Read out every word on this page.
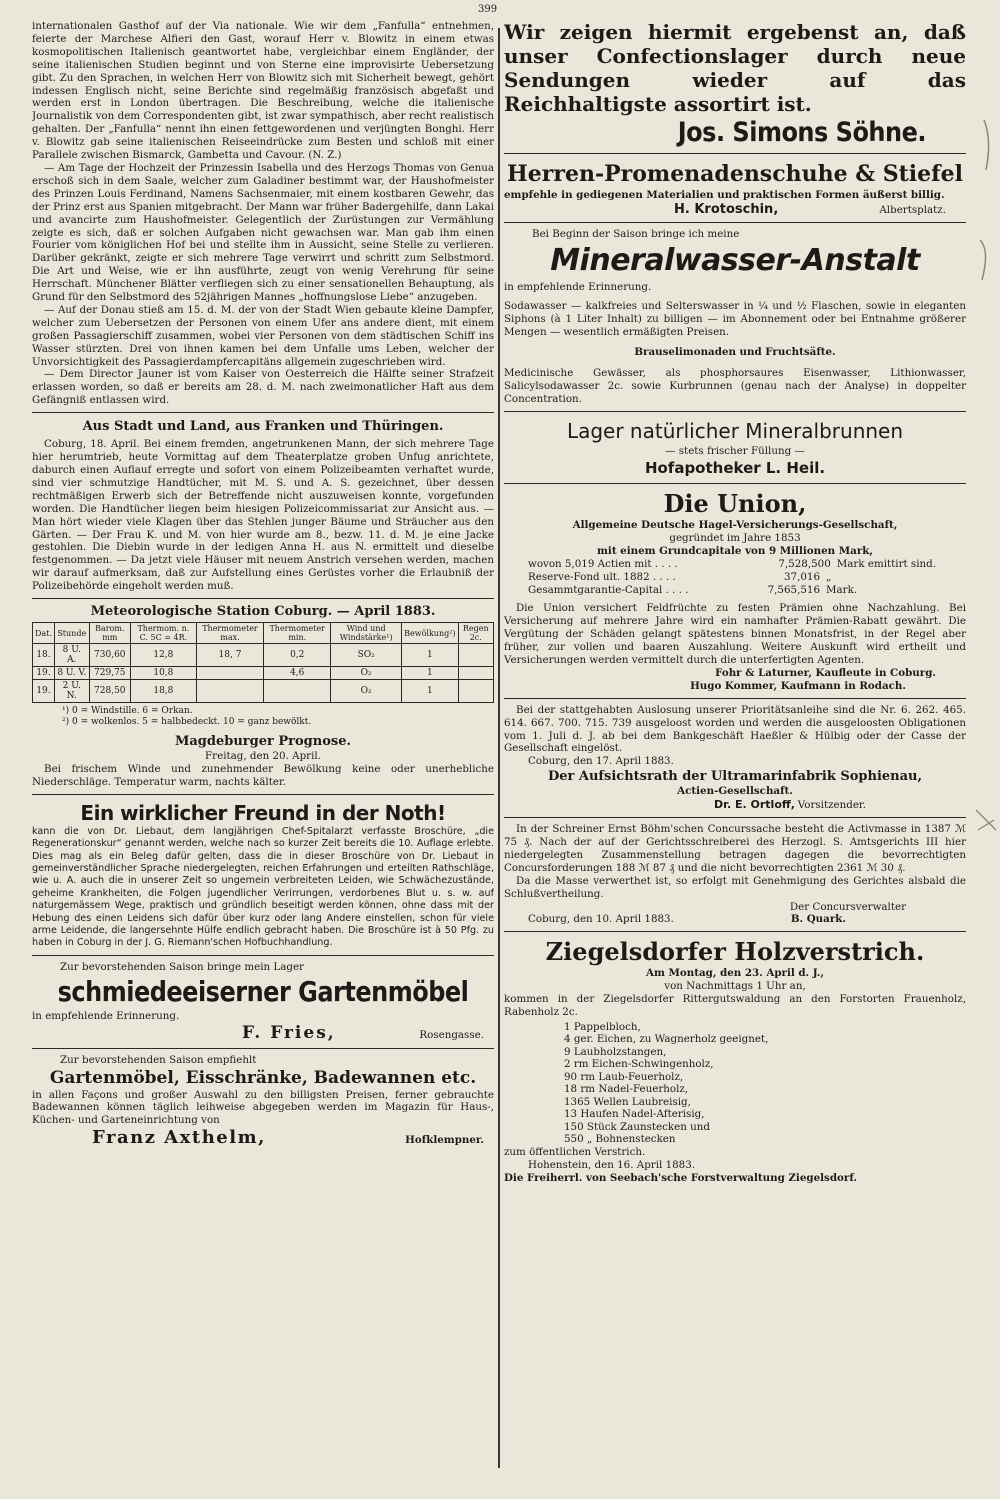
399

internationalen Gasthof auf der Via nationale. Wie wir dem „Fanfulla“ entnehmen, feierte der Marchese Alfieri den Gast, worauf Herr v. Blowitz in einem etwas kosmopolitischen Italienisch geantwortet habe, vergleichbar einem Engländer, der seine italienischen Studien beginnt und von Sterne eine improvisirte Uebersetzung gibt. Zu den Sprachen, in welchen Herr von Blowitz sich mit Sicherheit bewegt, gehört indessen Englisch nicht, seine Berichte sind regelmäßig französisch abgefaßt und werden erst in London übertragen. Die Beschreibung, welche die italienische Journalistik von dem Correspondenten gibt, ist zwar sympathisch, aber recht realistisch gehalten. Der „Fanfulla“ nennt ihn einen fettgewordenen und verjüngten Bonghi. Herr v. Blowitz gab seine italienischen Reiseeindrücke zum Besten und schloß mit einer Parallele zwischen Bismarck, Gambetta und Cavour. (N. Z.)

— Am Tage der Hochzeit der Prinzessin Isabella und des Herzogs Thomas von Genua erschoß sich in dem Saale, welcher zum Galadiner bestimmt war, der Haushofmeister des Prinzen Louis Ferdinand, Namens Sachsenmaier, mit einem kostbaren Gewehr, das der Prinz erst aus Spanien mitgebracht. Der Mann war früher Badergehilfe, dann Lakai und avancirte zum Haushofmeister. Gelegentlich der Zurüstungen zur Vermählung zeigte es sich, daß er solchen Aufgaben nicht gewachsen war. Man gab ihm einen Fourier vom königlichen Hof bei und stellte ihm in Aussicht, seine Stelle zu verlieren. Darüber gekränkt, zeigte er sich mehrere Tage verwirrt und schritt zum Selbstmord. Die Art und Weise, wie er ihn ausführte, zeugt von wenig Verehrung für seine Herrschaft. Münchener Blätter verfliegen sich zu einer sensationellen Behauptung, als Grund für den Selbstmord des 52jährigen Mannes „hoffnungslose Liebe“ anzugeben.

— Auf der Donau stieß am 15. d. M. der von der Stadt Wien gebaute kleine Dampfer, welcher zum Uebersetzen der Personen von einem Ufer ans andere dient, mit einem großen Passagierschiff zusammen, wobei vier Personen von dem städtischen Schiff ins Wasser stürzten. Drei von ihnen kamen bei dem Unfalle ums Leben, welcher der Unvorsichtigkeit des Passagierdampfercapitäns allgemein zugeschrieben wird.

— Dem Director Jauner ist vom Kaiser von Oesterreich die Hälfte seiner Strafzeit erlassen worden, so daß er bereits am 28. d. M. nach zweimonatlicher Haft aus dem Gefängniß entlassen wird.

Aus Stadt und Land, aus Franken und Thüringen.

Coburg, 18. April. Bei einem fremden, angetrunkenen Mann, der sich mehrere Tage hier herumtrieb, heute Vormittag auf dem Theaterplatze groben Unfug anrichtete, daburch einen Auflauf erregte und sofort von einem Polizeibeamten verhaftet wurde, sind vier schmutzige Handtücher, mit M. S. und A. S. gezeichnet, über dessen rechtmäßigen Erwerb sich der Betreffende nicht auszuweisen konnte, vorgefunden worden. Die Handtücher liegen beim hiesigen Polizeicommissariat zur Ansicht aus. — Man hört wieder viele Klagen über das Stehlen junger Bäume und Sträucher aus den Gärten. — Der Frau K. und M. von hier wurde am 8., bezw. 11. d. M. je eine Jacke gestohlen. Die Diebin wurde in der ledigen Anna H. aus N. ermittelt und dieselbe festgenommen. — Da jetzt viele Häuser mit neuem Anstrich versehen werden, machen wir darauf aufmerksam, daß zur Aufstellung eines Gerüstes vorher die Erlaubniß der Polizeibehörde eingeholt werden muß.

Meteorologische Station Coburg. — April 1883.
Dat.	Stunde	Barom. mm	Thermom. n. C. 5C = 4R.	Thermometer max.	Thermometer min.	Wind und Windstärke¹)	Bewölkung²)	Regen 2c.
18.	8 U. A.	730,60	12,8	18, 7	0,2	SO₂	1	
19.	8 U. V.	729,75	10,8		4,6	O₂	1	
19.	2 U. N.	728,50	18,8			O₂	1	
¹) 0 = Windstille. 6 = Orkan.
²) 0 = wolkenlos. 5 = halbbedeckt. 10 = ganz bewölkt.
Magdeburger Prognose.
Freitag, den 20. April.

Bei frischem Winde und zunehmender Bewölkung keine oder unerhebliche Niederschläge. Temperatur warm, nachts kälter.

Ein wirklicher Freund in der Noth!

kann die von Dr. Liebaut, dem langjährigen Chef-Spitalarzt verfasste Broschüre, „die Regenerationskur“ genannt werden, welche nach so kurzer Zeit bereits die 10. Auflage erlebte. Dies mag als ein Beleg dafür gelten, dass die in dieser Broschüre von Dr. Liebaut in gemeinverständlicher Sprache niedergelegten, reichen Erfahrungen und erteilten Rathschläge, wie u. A. auch die in unserer Zeit so ungemein verbreiteten Leiden, wie Schwächezustände, geheime Krankheiten, die Folgen jugendlicher Verirrungen, verdorbenes Blut u. s. w. auf naturgemässem Wege, praktisch und gründlich beseitigt werden können, ohne dass mit der Hebung des einen Leidens sich dafür über kurz oder lang Andere einstellen, schon für viele arme Leidende, die langersehnte Hülfe endlich gebracht haben. Die Broschüre ist à 50 Pfg. zu haben in Coburg in der J. G. Riemann'schen Hofbuchhandlung.

Zur bevorstehenden Saison bringe mein Lager
schmiedeeiserner Gartenmöbel
in empfehlende Erinnerung.
F. Fries,	Rosengasse.
Zur bevorstehenden Saison empfiehlt
Gartenmöbel, Eisschränke, Badewannen etc.

in allen Façons und großer Auswahl zu den billigsten Preisen, ferner gebrauchte Badewannen können täglich leihweise abgegeben werden im Magazin für Haus-, Küchen- und Garteneinrichtung von

Franz Axthelm,	Hofklempner.
Wir zeigen hiermit ergebenst an, daß unser Confectionslager durch neue Sendungen wieder auf das Reichhaltigste assortirt ist.
Jos. Simons Söhne.
Herren-Promenadenschuhe & Stiefel
empfehle in gediegenen Materialien und praktischen Formen äußerst billig.
H. Krotoschin,	Albertsplatz.
Bei Beginn der Saison bringe ich meine
Mineralwasser-Anstalt
in empfehlende Erinnerung.

Sodawasser — kalkfreies und Selterswasser in ¼ und ½ Flaschen, sowie in eleganten Siphons (à 1 Liter Inhalt) zu billigen — im Abonnement oder bei Entnahme größerer Mengen — wesentlich ermäßigten Preisen.

Brauselimonaden und Fruchtsäfte.

Medicinische Gewässer, als phosphorsaures Eisenwasser, Lithionwasser, Salicylsodawasser 2c. sowie Kurbrunnen (genau nach der Analyse) in doppelter Concentration.

Lager natürlicher Mineralbrunnen
— stets frischer Füllung —
Hofapotheker L. Heil.
Die Union,
Allgemeine Deutsche Hagel-Versicherungs-Gesellschaft,
gegründet im Jahre 1853
mit einem Grundcapitale von 9 Millionen Mark,
wovon 5,019 Actien mit . . . .	7,528,500 Mark emittirt sind.
Reserve-Fond ult. 1882 . . . .	37,016 „
Gesammtgarantie-Capital . . . .	7,565,516 Mark.

Die Union versichert Feldfrüchte zu festen Prämien ohne Nachzahlung. Bei Versicherung auf mehrere Jahre wird ein namhafter Prämien-Rabatt gewährt. Die Vergütung der Schäden gelangt spätestens binnen Monatsfrist, in der Regel aber früher, zur vollen und baaren Auszahlung. Weitere Auskunft wird ertheilt und Versicherungen werden vermittelt durch die unterfertigten Agenten.

Fohr & Laturner, Kaufleute in Coburg.
Hugo Kommer, Kaufmann in Rodach.

Bei der stattgehabten Auslosung unserer Prioritätsanleihe sind die Nr. 6. 262. 465. 614. 667. 700. 715. 739 ausgeloost worden und werden die ausgeloosten Obligationen vom 1. Juli d. J. ab bei dem Bankgeschäft Haeßler & Hülbig oder der Casse der Gesellschaft eingelöst.

Coburg, den 17. April 1883.
Der Aufsichtsrath der Ultramarinfabrik Sophienau,
Actien-Gesellschaft.
Dr. E. Ortloff, Vorsitzender.

In der Schreiner Ernst Böhm'schen Concurssache besteht die Activmasse in 1387 ℳ 75 ₰. Nach der auf der Gerichtsschreiberei des Herzogl. S. Amtsgerichts III hier niedergelegten Zusammenstellung betragen dagegen die bevorrechtigten Concursforderungen 188 ℳ 87 ₰ und die nicht bevorrechtigten 2361 ℳ 30 ₰.

Da die Masse verwerthet ist, so erfolgt mit Genehmigung des Gerichtes alsbald die Schlußvertheilung.

Der Concursverwalter
Coburg, den 10. April 1883.	B. Quark.
Ziegelsdorfer Holzverstrich.
Am Montag, den 23. April d. J.,
von Nachmittags 1 Uhr an,

kommen in der Ziegelsdorfer Rittergutswaldung an den Forstorten Frauenholz, Rabenholz 2c.

1 Pappelbloch,
4 ger. Eichen, zu Wagnerholz geeignet,
9 Laubholzstangen,
2 rm Eichen-Schwingenholz,
90 rm Laub-Feuerholz,
18 rm Nadel-Feuerholz,
1365 Wellen Laubreisig,
13 Haufen Nadel-Afterisig,
150 Stück Zaunstecken und
550 „ Bohnenstecken
zum öffentlichen Verstrich.
Hohenstein, den 16. April 1883.
Die Freiherrl. von Seebach'sche Forstverwaltung Ziegelsdorf.
